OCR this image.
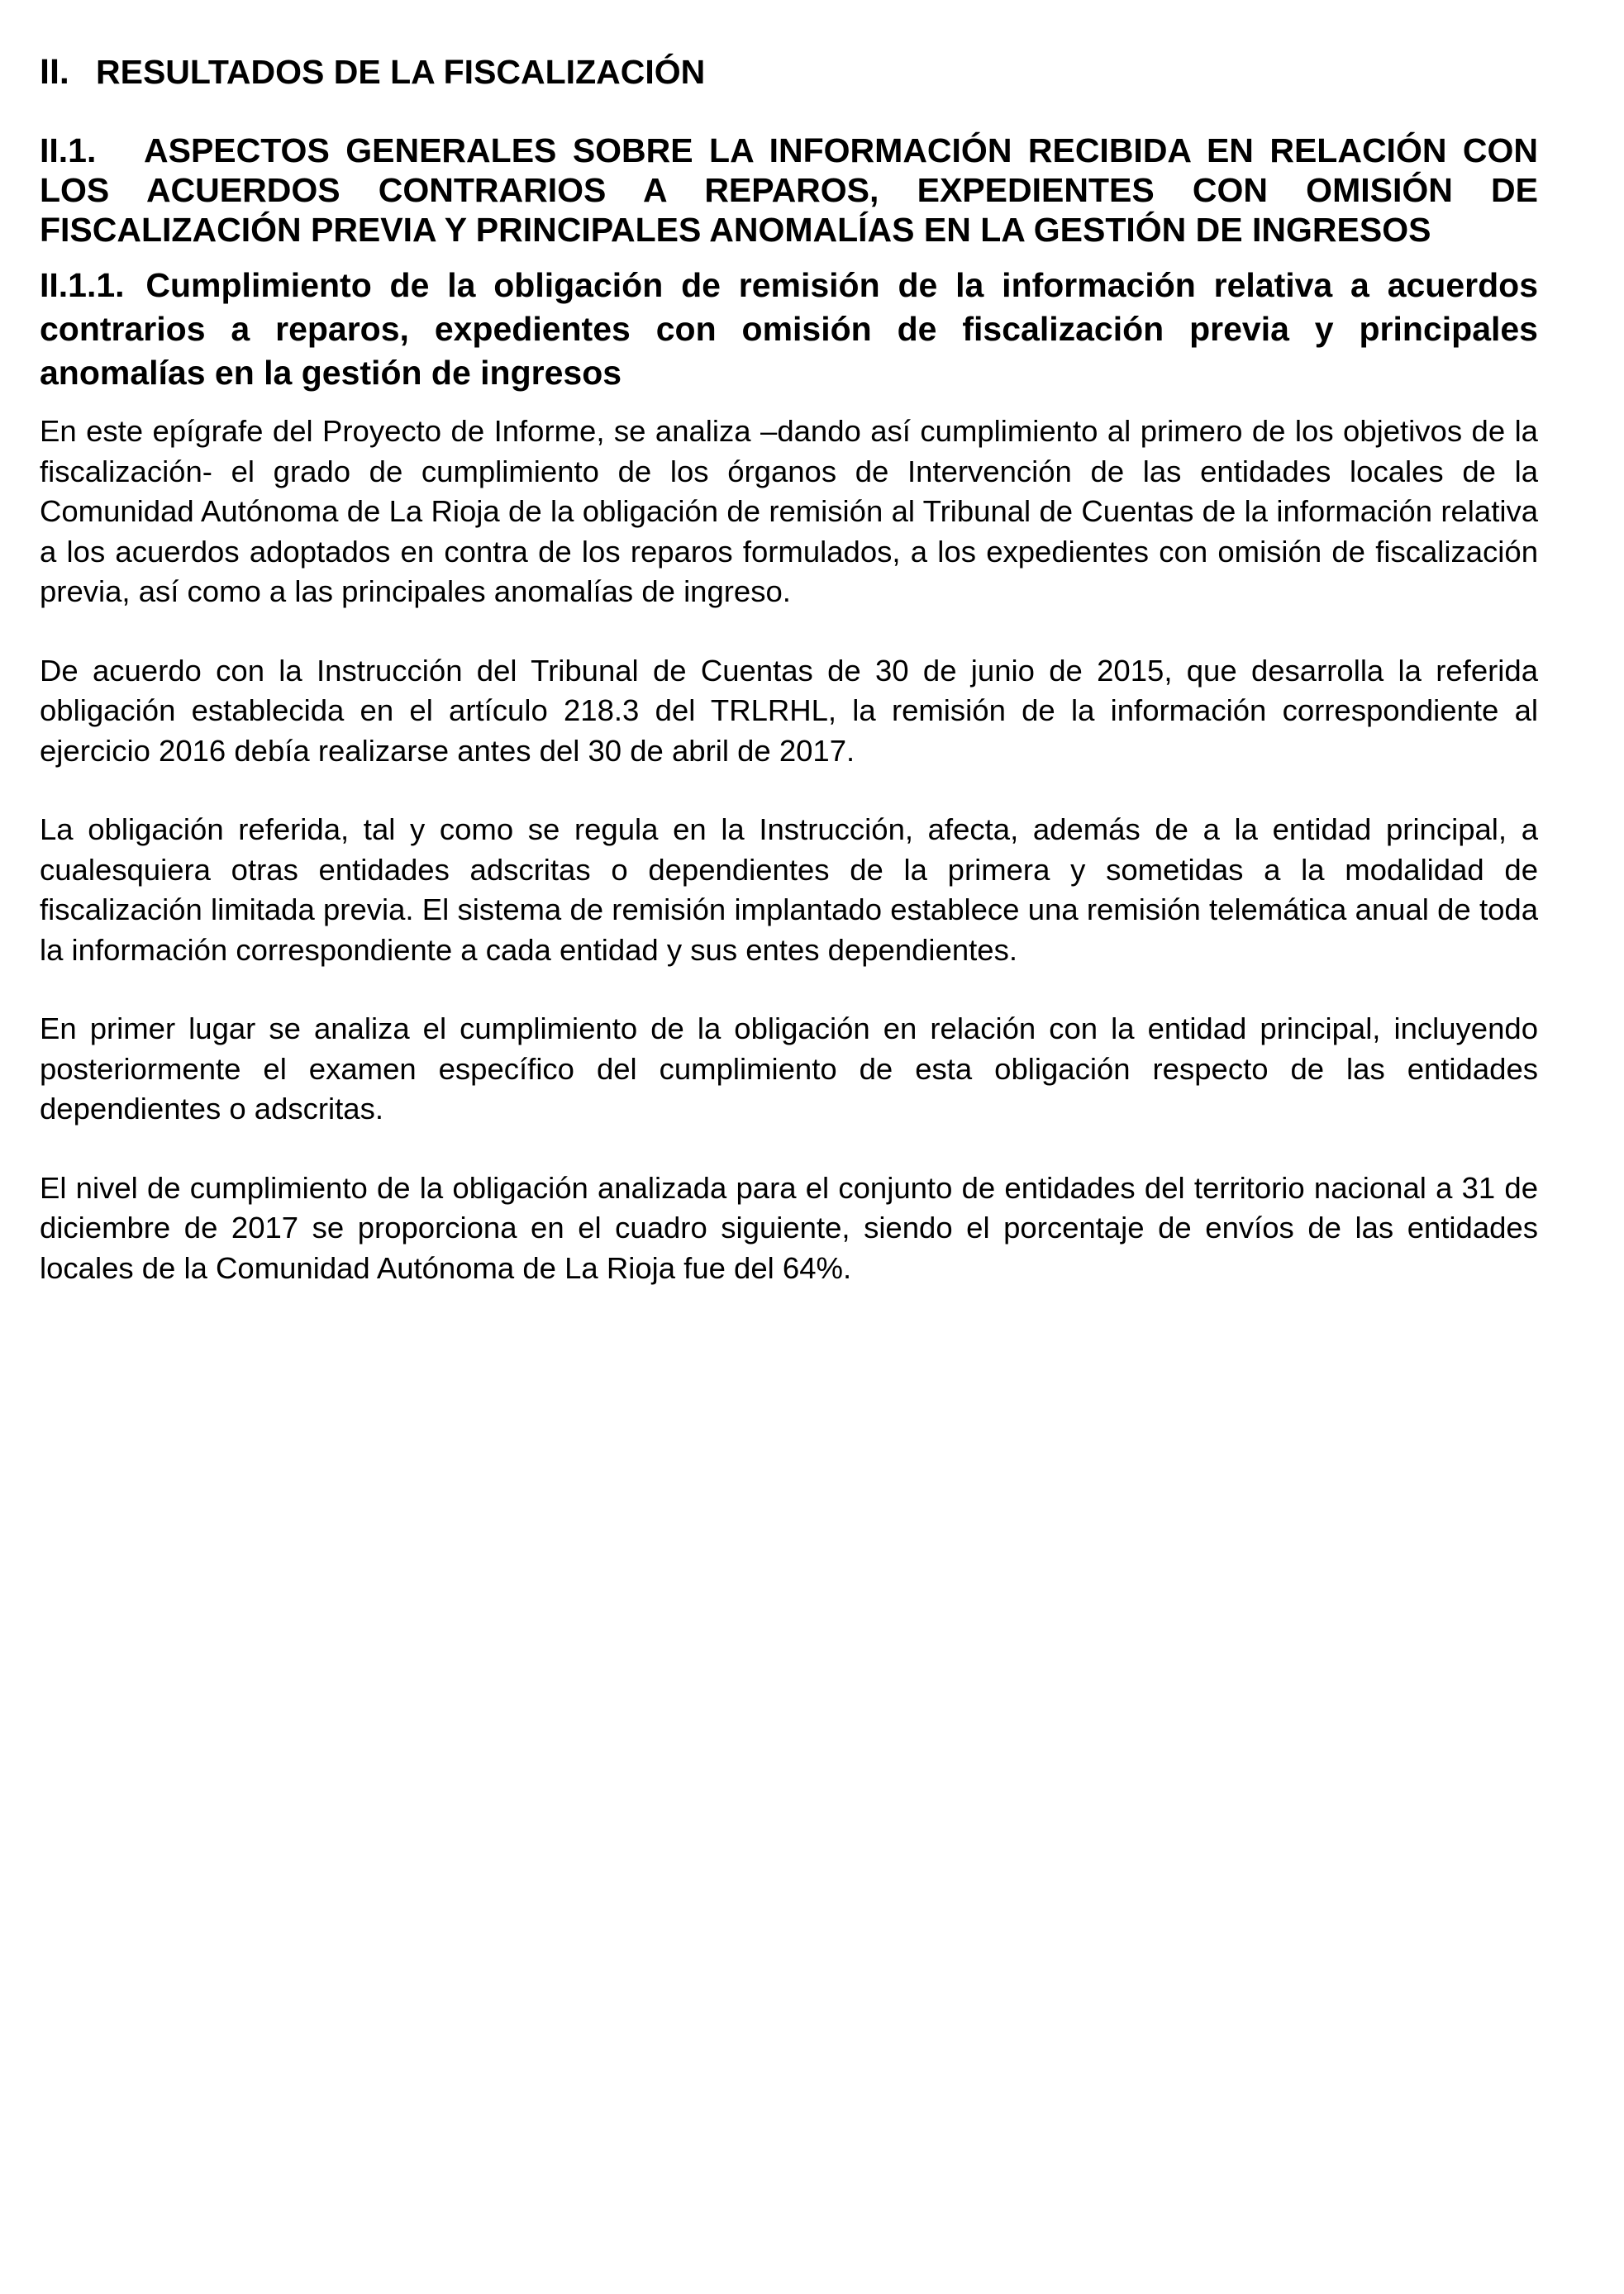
II. RESULTADOS DE LA FISCALIZACIÓN
II.1. ASPECTOS GENERALES SOBRE LA INFORMACIÓN RECIBIDA EN RELACIÓN CON LOS ACUERDOS CONTRARIOS A REPAROS, EXPEDIENTES CON OMISIÓN DE FISCALIZACIÓN PREVIA Y PRINCIPALES ANOMALÍAS EN LA GESTIÓN DE INGRESOS
II.1.1. Cumplimiento de la obligación de remisión de la información relativa a acuerdos contrarios a reparos, expedientes con omisión de fiscalización previa y principales anomalías en la gestión de ingresos

En este epígrafe del Proyecto de Informe, se analiza –dando así cumplimiento al primero de los objetivos de la fiscalización- el grado de cumplimiento de los órganos de Intervención de las entidades locales de la Comunidad Autónoma de La Rioja de la obligación de remisión al Tribunal de Cuentas de la información relativa a los acuerdos adoptados en contra de los reparos formulados, a los expedientes con omisión de fiscalización previa, así como a las principales anomalías de ingreso.

De acuerdo con la Instrucción del Tribunal de Cuentas de 30 de junio de 2015, que desarrolla la referida obligación establecida en el artículo 218.3 del TRLRHL, la remisión de la información correspondiente al ejercicio 2016 debía realizarse antes del 30 de abril de 2017.

La obligación referida, tal y como se regula en la Instrucción, afecta, además de a la entidad principal, a cualesquiera otras entidades adscritas o dependientes de la primera y sometidas a la modalidad de fiscalización limitada previa. El sistema de remisión implantado establece una remisión telemática anual de toda la información correspondiente a cada entidad y sus entes dependientes.

En primer lugar se analiza el cumplimiento de la obligación en relación con la entidad principal, incluyendo posteriormente el examen específico del cumplimiento de esta obligación respecto de las entidades dependientes o adscritas.

El nivel de cumplimiento de la obligación analizada para el conjunto de entidades del territorio nacional a 31 de diciembre de 2017 se proporciona en el cuadro siguiente, siendo el porcentaje de envíos de las entidades locales de la Comunidad Autónoma de La Rioja fue del 64%.
